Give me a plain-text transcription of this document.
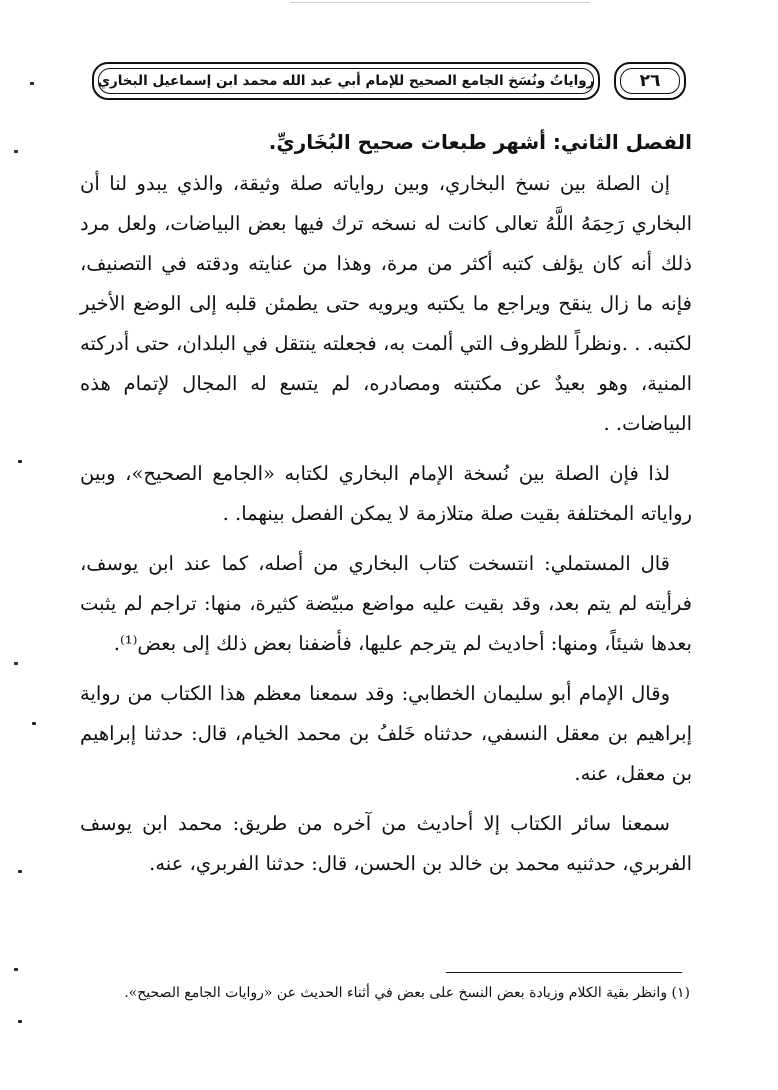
رواياتُ ونُسَخ الجامع الصحيح للإمام أبي عبد الله محمد ابن إسماعيل البخاري	٢٦
الفصل الثاني: أشهر طبعات صحيح البُخَاريِّ.

إن الصلة بين نسخ البخاري، وبين رواياته صلة وثيقة، والذي يبدو لنا أن البخاري رَحِمَهُ اللَّهُ تعالى كانت له نسخه ترك فيها بعض البياضات، ولعل مرد ذلك أنه كان يؤلف كتبه أكثر من مرة، وهذا من عنايته ودقته في التصنيف، فإنه ما زال ينقح ويراجع ما يكتبه ويرويه حتى يطمئن قلبه إلى الوضع الأخير لكتبه. . .ونظراً للظروف التي ألمت به، فجعلته ينتقل في البلدان، حتى أدركته المنية، وهو بعيدٌ عن مكتبته ومصادره، لم يتسع له المجال لإتمام هذه البياضات. .

لذا فإن الصلة بين نُسخة الإمام البخاري لكتابه «الجامع الصحيح»، وبين رواياته المختلفة بقيت صلة متلازمة لا يمكن الفصل بينهما. .

قال المستملي: انتسخت كتاب البخاري من أصله، كما عند ابن يوسف، فرأيته لم يتم بعد، وقد بقيت عليه مواضع مبيّضة كثيرة، منها: تراجم لم يثبت بعدها شيئاً، ومنها: أحاديث لم يترجم عليها، فأضفنا بعض ذلك إلى بعض⁽¹⁾.

وقال الإمام أبو سليمان الخطابي: وقد سمعنا معظم هذا الكتاب من رواية إبراهيم بن معقل النسفي، حدثناه خَلفُ بن محمد الخيام، قال: حدثنا إبراهيم بن معقل، عنه.

سمعنا سائر الكتاب إلا أحاديث من آخره من طريق: محمد ابن يوسف الفربري، حدثنيه محمد بن خالد بن الحسن، قال: حدثنا الفربري، عنه.

(١) وانظر بقية الكلام وزيادة بعض النسخ على بعض في أثناء الحديث عن «روايات الجامع الصحيح».
